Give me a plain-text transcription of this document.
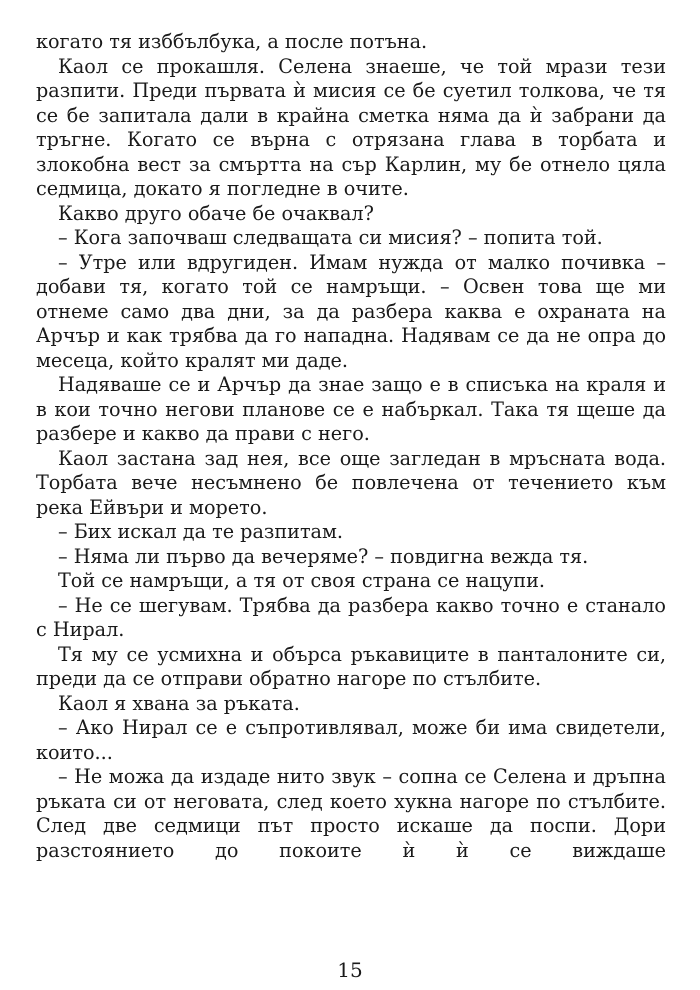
когато тя изббълбука, а после потъна.

Каол се прокашля. Селена знаеше, че той мрази тези разпити. Преди първата ѝ мисия се бе суетил толкова, че тя се бе запитала дали в крайна сметка няма да ѝ забрани да тръгне. Когато се върна с отрязана глава в торбата и злокобна вест за смъртта на сър Карлин, му бе отнело цяла седмица, докато я погледне в очите.

Какво друго обаче бе очаквал?

– Кога започваш следващата си мисия? – попита той.

– Утре или вдругиден. Имам нужда от малко почивка – добави тя, когато той се намръщи. – Освен това ще ми отнеме само два дни, за да разбера каква е охраната на Арчър и как трябва да го нападна. Надявам се да не опра до месеца, който кралят ми даде.

Надяваше се и Арчър да знае защо е в списъка на краля и в кои точно негови планове се е набъркал. Така тя щеше да разбере и какво да прави с него.

Каол застана зад нея, все още загледан в мръсната вода. Торбата вече несъмнено бе повлечена от течението към река Ейвъри и морето.

– Бих искал да те разпитам.

– Няма ли първо да вечеряме? – повдигна вежда тя.

Той се намръщи, а тя от своя страна се нацупи.

– Не се шегувам. Трябва да разбера какво точно е станало с Нирал.

Тя му се усмихна и обърса ръкавиците в панталоните си, преди да се отправи обратно нагоре по стълбите.

Каол я хвана за ръката.

– Ако Нирал се е съпротивлявал, може би има свидетели, които...

– Не можа да издаде нито звук – сопна се Селена и дръпна ръката си от неговата, след което хукна нагоре по стълбите. След две седмици път просто искаше да поспи. Дори разстоянието до покоите ѝ ѝ се виждаше

15
